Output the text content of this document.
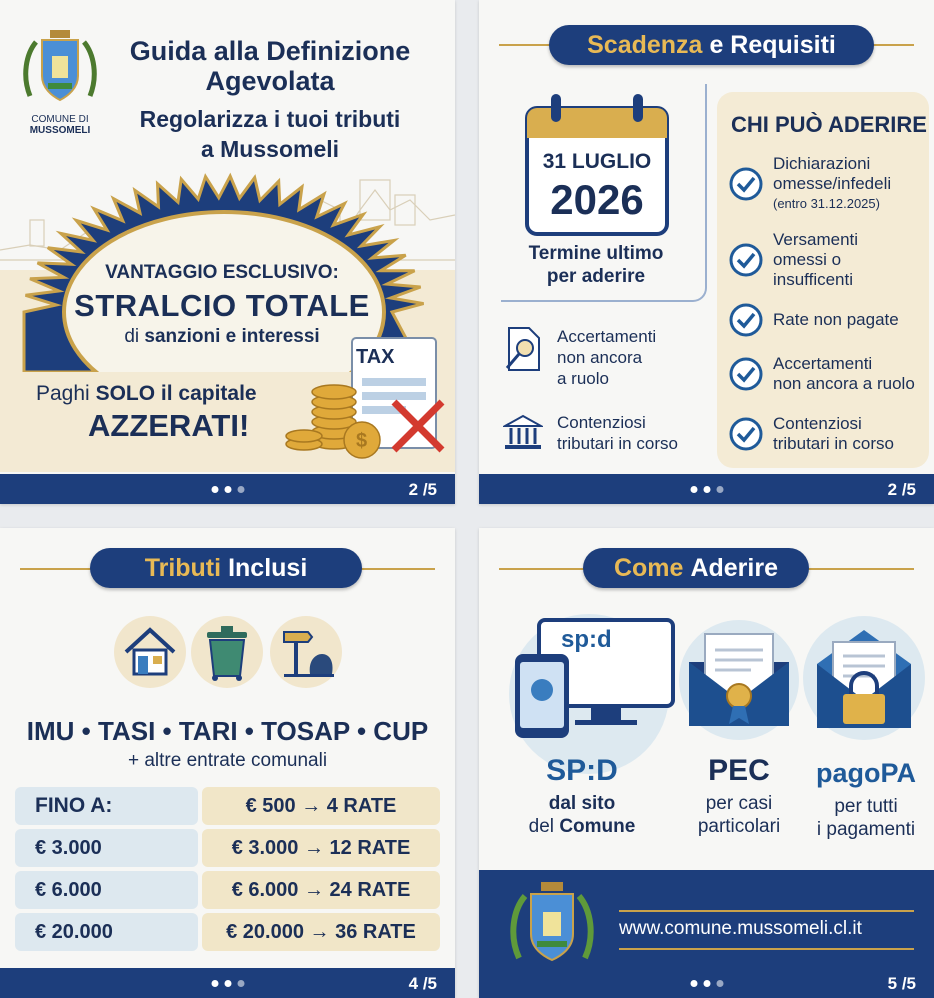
COMUNE DI
MUSSOMELI
Guida alla Definizione
Agevolata
Regolarizza i tuoi tributi
a Mussomeli
VANTAGGIO ESCLUSIVO:
STRALCIO TOTALE
di sanzioni e interessi
Paghi SOLO il capitale
AZZERATI!	$
TAX
2 /5
Scadenza e Requisiti
31 LUGLIO
2026
Termine ultimo
per aderire
Accertamenti
non ancora
a ruolo
Contenziosi
tributari in corso
CHI PUÒ ADERIRE
Dichiarazioni
omesse/infedeli
(entro 31.12.2025)
Versamenti
omessi o
insufficenti
Rate non pagate
Accertamenti
non ancora a ruolo
Contenziosi
tributari in corso
2 /5
Tributi Inclusi
IMU • TASI • TARI • TOSAP • CUP
+ altre entrate comunali
FINO A:	€ 500 → 4 RATE
€ 3.000	€ 3.000 → 12 RATE
€ 6.000	€ 6.000 → 24 RATE
€ 20.000	€ 20.000 → 36 RATE
4 /5
Come Aderire
sp:d
SP:D
dal sito
del Comune
PEC
per casi
particolari
pagoPA
per tutti
i pagamenti
www.comune.mussomeli.cl.it
5 /5
